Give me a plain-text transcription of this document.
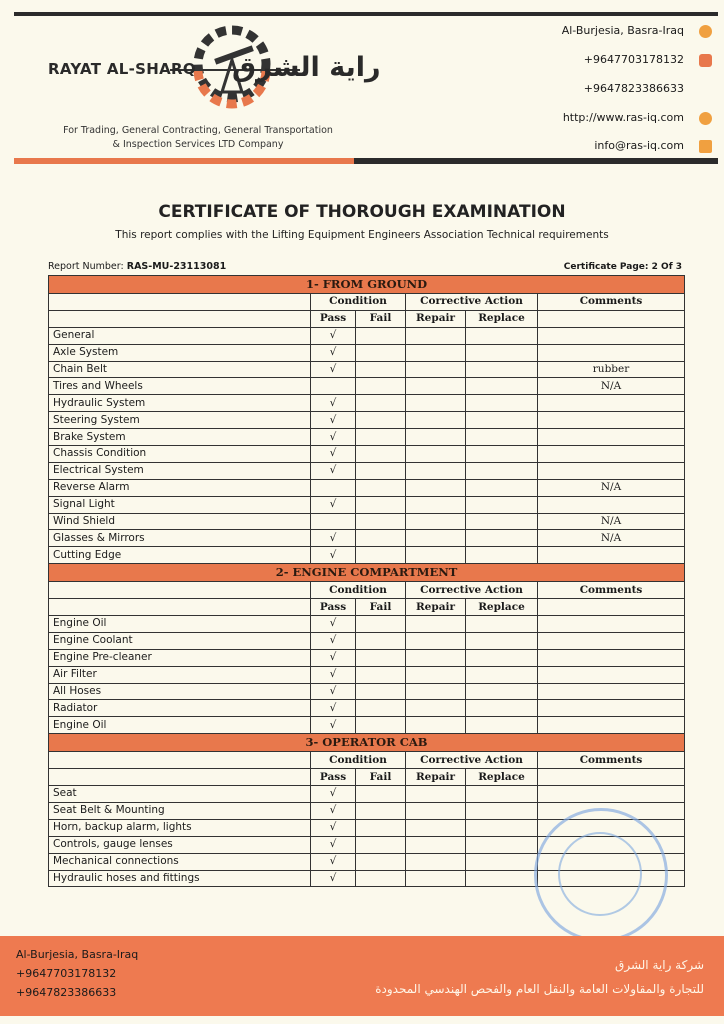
RAYAT AL-SHARQ راية الشرق
For Trading, General Contracting, General Transportation
& Inspection Services LTD Company
Al-Burjesia, Basra-Iraq
+9647703178132
+9647823386633
http://www.ras-iq.com
info@ras-iq.com
CERTIFICATE OF THOROUGH EXAMINATION
This report complies with the Lifting Equipment Engineers Association Technical requirements
Report Number: RAS-MU-23113081	Certificate Page: 2 Of 3
1- FROM GROUND					
	Condition		Corrective Action		Comments
	Pass	Fail	Repair	Replace	
General	√				
Axle System	√				
Chain Belt	√				rubber
Tires and Wheels					N/A
Hydraulic System	√				
Steering System	√				
Brake System	√				
Chassis Condition	√				
Electrical System	√				
Reverse Alarm					N/A
Signal Light	√				
Wind Shield					N/A
Glasses & Mirrors	√				N/A
Cutting Edge	√				
2- ENGINE COMPARTMENT					
	Condition		Corrective Action		Comments
	Pass	Fail	Repair	Replace	
Engine Oil	√				
Engine Coolant	√				
Engine Pre-cleaner	√				
Air Filter	√				
All Hoses	√				
Radiator	√				
Engine Oil	√				
3- OPERATOR CAB					
	Condition		Corrective Action		Comments
	Pass	Fail	Repair	Replace	
Seat	√				
Seat Belt & Mounting	√				
Horn, backup alarm, lights	√				
Controls, gauge lenses	√				
Mechanical connections	√				
Hydraulic hoses and fittings	√				
Al-Burjesia, Basra-Iraq
+9647703178132
+9647823386633
شركة راية الشرق
للتجارة والمقاولات العامة والنقل العام والفحص الهندسي المحدودة
